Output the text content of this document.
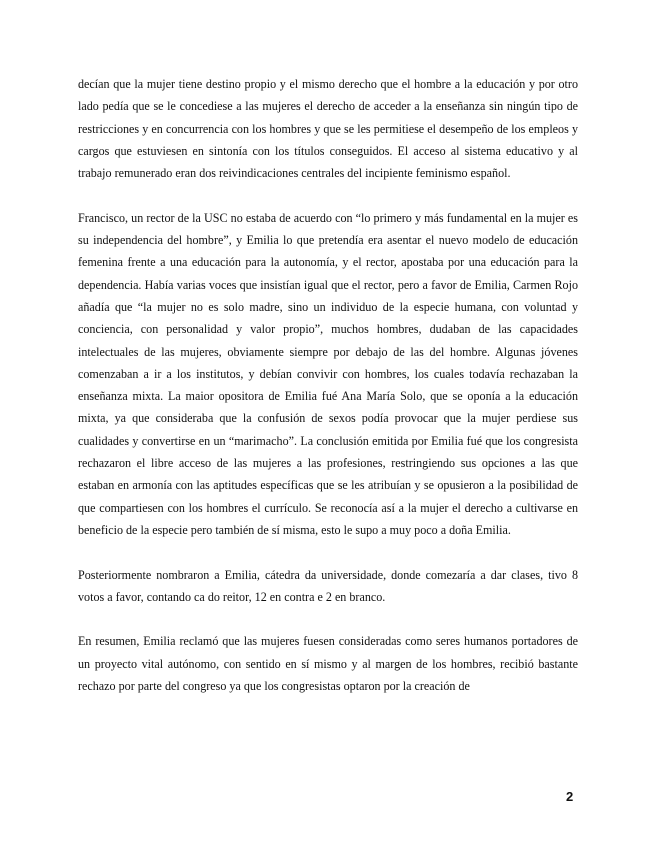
decían que la mujer tiene destino propio y el mismo derecho que el hombre a la educación y por otro lado pedía que se le concediese a las mujeres el derecho de acceder a la enseñanza sin ningún tipo de restricciones y en concurrencia con los hombres y que se les permitiese el desempeño de los empleos y cargos que estuviesen en sintonía con los títulos conseguidos. El acceso al sistema educativo y al trabajo remunerado eran dos reivindicaciones centrales del incipiente feminismo español.

Francisco, un rector de la USC no estaba de acuerdo con “lo primero y más fundamental en la mujer es su independencia del hombre”, y Emilia lo que pretendía era asentar el nuevo modelo de educación femenina frente a una educación para la autonomía, y el rector, apostaba por una educación para la dependencia. Había varias voces que insistían igual que el rector, pero a favor de Emilia, Carmen Rojo añadía que “la mujer no es solo madre, sino un individuo de la especie humana, con voluntad y conciencia, con personalidad y valor propio”, muchos hombres, dudaban de las capacidades intelectuales de las mujeres, obviamente siempre por debajo de las del hombre. Algunas jóvenes comenzaban a ir a los institutos, y debían convivir con hombres, los cuales todavía rechazaban la enseñanza mixta. La maior opositora de Emilia fué Ana María Solo, que se oponía a la educación mixta, ya que consideraba que la confusión de sexos podía provocar que la mujer perdiese sus cualidades y convertirse en un “marimacho”. La conclusión emitida por Emilia fué que los congresista rechazaron el libre acceso de las mujeres a las profesiones, restringiendo sus opciones a las que estaban en armonía con las aptitudes específicas que se les atribuían y se opusieron a la posibilidad de que compartiesen con los hombres el currículo. Se reconocía así a la mujer el derecho a cultivarse en beneficio de la especie pero también de sí misma, esto le supo a muy poco a doña Emilia.

Posteriormente nombraron a Emilia, cátedra da universidade, donde comezaría a dar clases, tivo 8 votos a favor, contando ca do reitor, 12 en contra e 2 en branco.

En resumen, Emilia reclamó que las mujeres fuesen consideradas como seres humanos portadores de un proyecto vital autónomo, con sentido en sí mismo y al margen de los hombres, recibió bastante rechazo por parte del congreso ya que los congresistas optaron por la creación de

2
